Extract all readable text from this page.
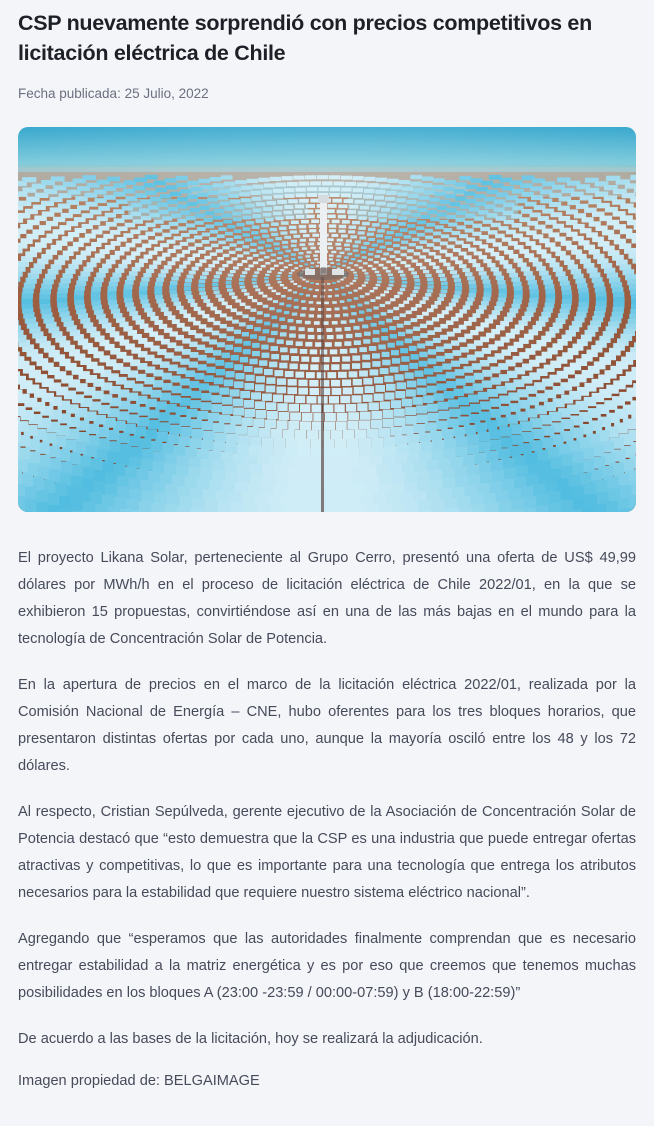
CSP nuevamente sorprendió con precios competitivos en licitación eléctrica de Chile
Fecha publicada: 25 Julio, 2022

El proyecto Likana Solar, perteneciente al Grupo Cerro, presentó una oferta de US$ 49,99 dólares por MWh/h en el proceso de licitación eléctrica de Chile 2022/01, en la que se exhibieron 15 propuestas, convirtiéndose así en una de las más bajas en el mundo para la tecnología de Concentración Solar de Potencia.

En la apertura de precios en el marco de la licitación eléctrica 2022/01, realizada por la Comisión Nacional de Energía – CNE, hubo oferentes para los tres bloques horarios, que presentaron distintas ofertas por cada uno, aunque la mayoría osciló entre los 48 y los 72 dólares.

Al respecto, Cristian Sepúlveda, gerente ejecutivo de la Asociación de Concentración Solar de Potencia destacó que “esto demuestra que la CSP es una industria que puede entregar ofertas atractivas y competitivas, lo que es importante para una tecnología que entrega los atributos necesarios para la estabilidad que requiere nuestro sistema eléctrico nacional”.

Agregando que “esperamos que las autoridades finalmente comprendan que es necesario entregar estabilidad a la matriz energética y es por eso que creemos que tenemos muchas posibilidades en los bloques A (23:00 -23:59 / 00:00-07:59) y B (18:00-22:59)”

De acuerdo a las bases de la licitación, hoy se realizará la adjudicación.

Imagen propiedad de: BELGAIMAGE
